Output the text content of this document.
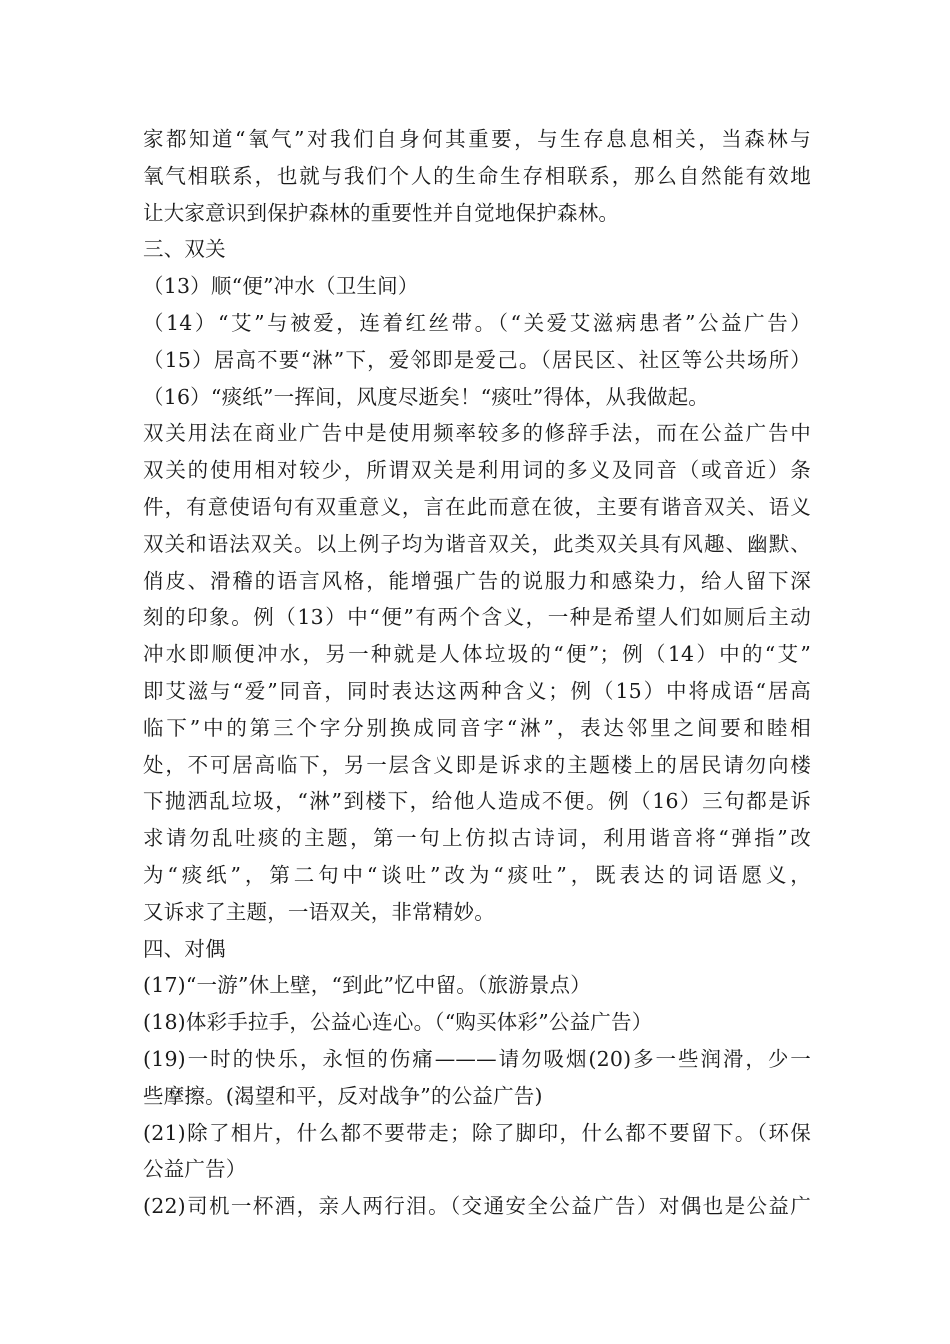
家都知道“氧气”对我们自身何其重要，与生存息息相关，当森林与
氧气相联系，也就与我们个人的生命生存相联系，那么自然能有效地
让大家意识到保护森林的重要性并自觉地保护森林。
三、双关
（13）顺“便”冲水（卫生间）
（14）“艾”与被爱，连着红丝带。（“关爱艾滋病患者”公益广告）
（15）居高不要“淋”下，爱邻即是爱己。（居民区、社区等公共场所）
（16）“痰纸”一挥间，风度尽逝矣！“痰吐”得体，从我做起。
双关用法在商业广告中是使用频率较多的修辞手法，而在公益广告中
双关的使用相对较少，所谓双关是利用词的多义及同音（或音近）条
件，有意使语句有双重意义，言在此而意在彼，主要有谐音双关、语义
双关和语法双关。以上例子均为谐音双关，此类双关具有风趣、幽默、
俏皮、滑稽的语言风格，能增强广告的说服力和感染力，给人留下深
刻的印象。例（13）中“便”有两个含义，一种是希望人们如厕后主动
冲水即顺便冲水，另一种就是人体垃圾的“便”；例（14）中的“艾”
即艾滋与“爱”同音，同时表达这两种含义；例（15）中将成语“居高
临下”中的第三个字分别换成同音字“淋”，表达邻里之间要和睦相
处，不可居高临下，另一层含义即是诉求的主题楼上的居民请勿向楼
下抛洒乱垃圾，“淋”到楼下，给他人造成不便。例（16）三句都是诉
求请勿乱吐痰的主题，第一句上仿拟古诗词，利用谐音将“弹指”改
为“痰纸”，第二句中“谈吐”改为“痰吐”，既表达的词语愿义，
又诉求了主题，一语双关，非常精妙。
四、对偶
(17)“一游”休上壁，“到此”忆中留。（旅游景点）
(18)体彩手拉手，公益心连心。（“购买体彩”公益广告）
(19)一时的快乐，永恒的伤痛———请勿吸烟(20)多一些润滑，少一
些摩擦。(渴望和平，反对战争”的公益广告)
(21)除了相片，什么都不要带走；除了脚印，什么都不要留下。（环保
公益广告）
(22)司机一杯酒，亲人两行泪。（交通安全公益广告）对偶也是公益广
